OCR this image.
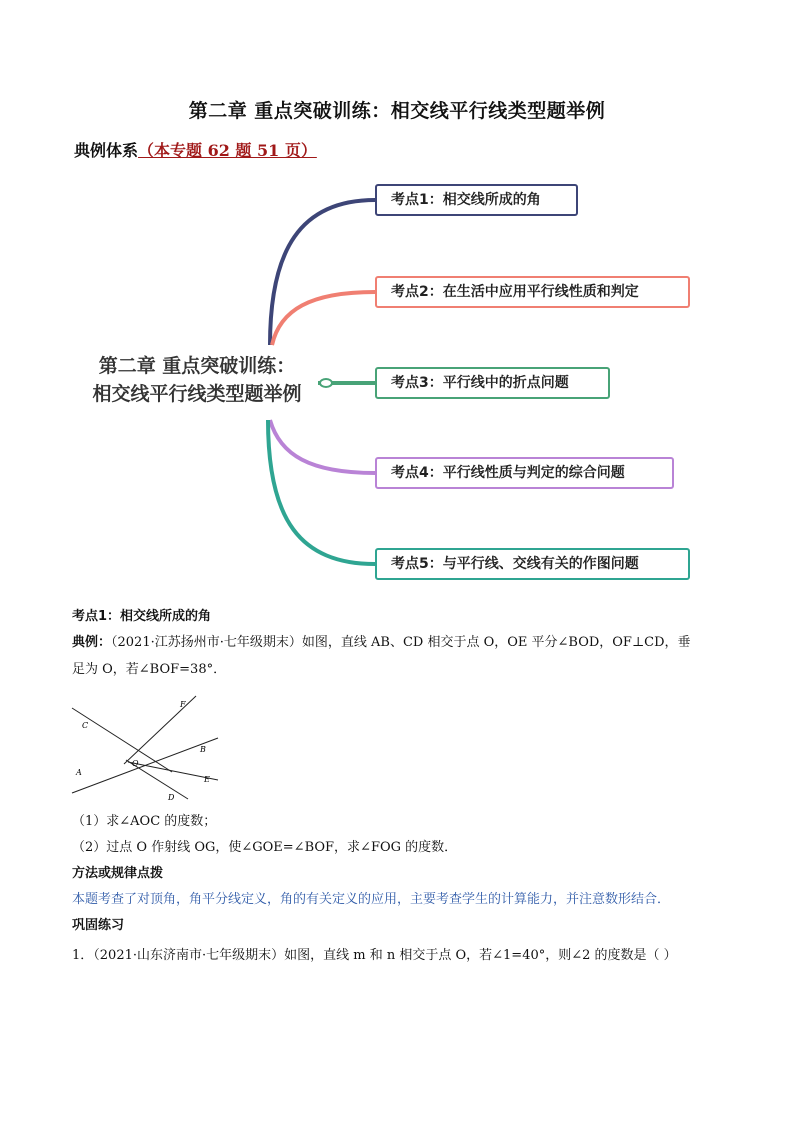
第二章 重点突破训练：相交线平行线类型题举例
典例体系（本专题 62 题 51 页）
第二章 重点突破训练：
相交线平行线类型题举例
考点1：相交线所成的角
考点2：在生活中应用平行线性质和判定
考点3：平行线中的折点问题
考点4：平行线性质与判定的综合问题
考点5：与平行线、交线有关的作图问题
考点1：相交线所成的角
典例：（2021·江苏扬州市·七年级期末）如图，直线 AB、CD 相交于点 O，OE 平分∠BOD，OF⊥CD，垂
足为 O，若∠BOF=38°．
C
F
B
A
O
E
D
（1）求∠AOC 的度数；
（2）过点 O 作射线 OG，使∠GOE=∠BOF，求∠FOG 的度数．
方法或规律点拨
本题考查了对顶角，角平分线定义，角的有关定义的应用，主要考查学生的计算能力，并注意数形结合．
巩固练习
1．（2021·山东济南市·七年级期末）如图，直线 m 和 n 相交于点 O，若∠1=40°，则∠2 的度数是（ ）
